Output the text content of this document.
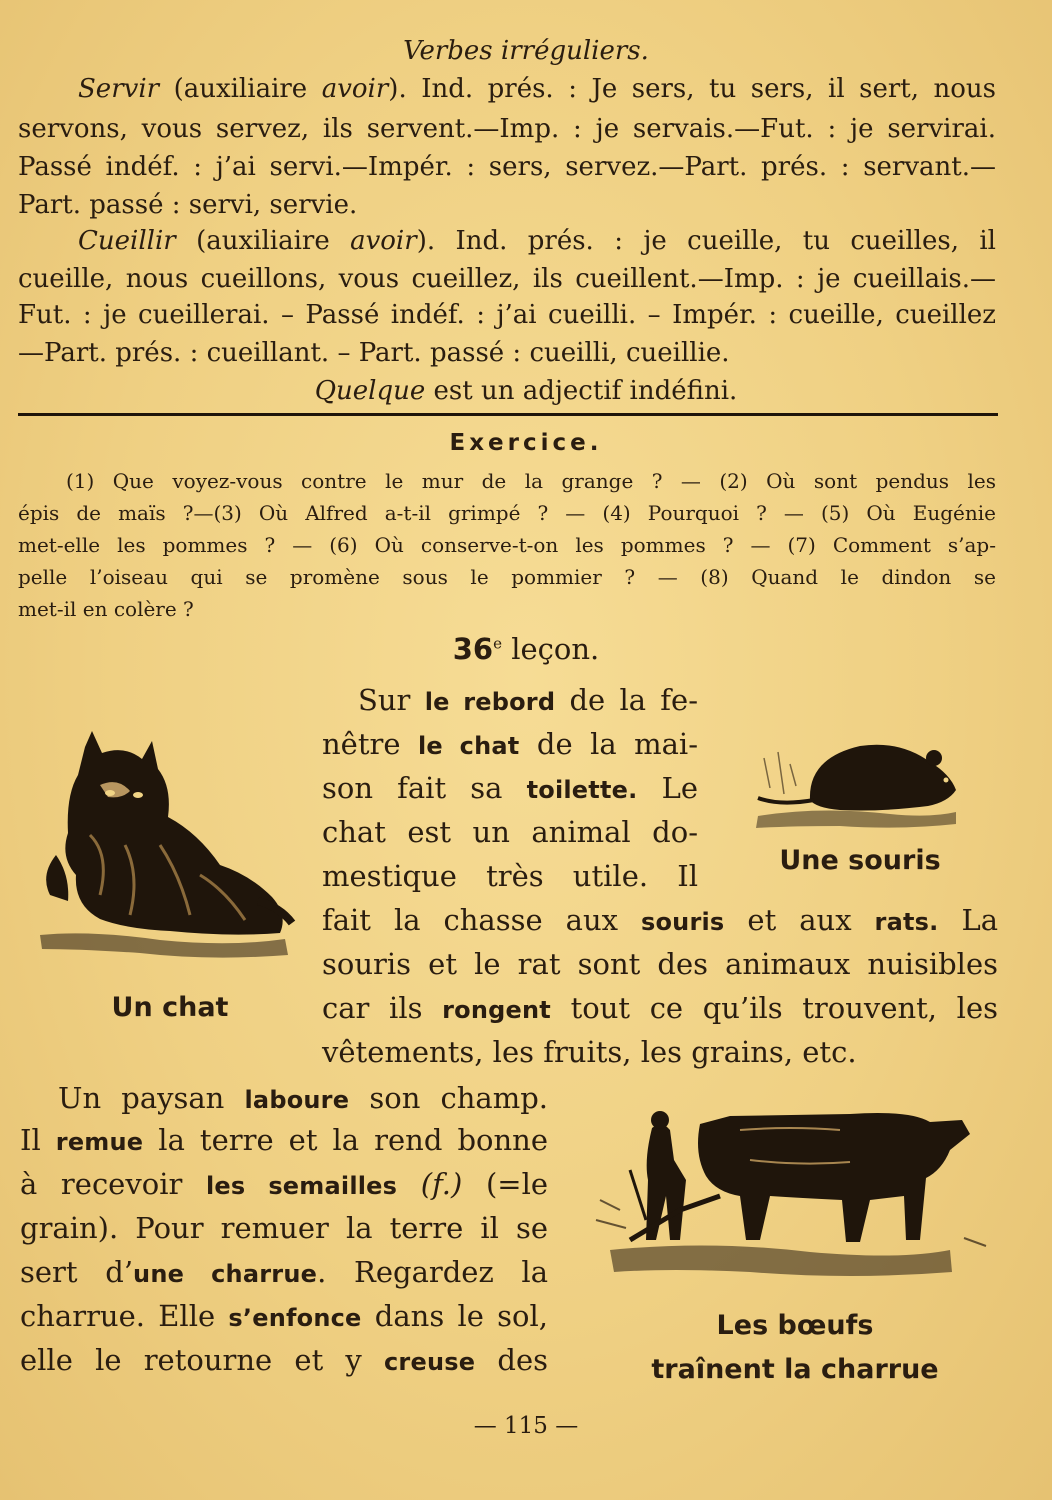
Verbes irréguliers.
Servir (auxiliaire avoir). Ind. prés. : Je sers, tu sers, il sert, nous
servons, vous servez, ils servent.—Imp. : je servais.—Fut. : je servirai.
Passé indéf. : j’ai servi.—Impér. : sers, servez.—Part. prés. : servant.—
Part. passé : servi, servie.
Cueillir (auxiliaire avoir). Ind. prés. : je cueille, tu cueilles, il
cueille, nous cueillons, vous cueillez, ils cueillent.—Imp. : je cueillais.—
Fut. : je cueillerai. – Passé indéf. : j’ai cueilli. – Impér. : cueille, cueillez
—Part. prés. : cueillant. – Part. passé : cueilli, cueillie.
Quelque est un adjectif indéfini.
Exercice.
(1) Que voyez-vous contre le mur de la grange ? — (2) Où sont pendus les
épis de maïs ?—(3) Où Alfred a-t-il grimpé ? — (4) Pourquoi ? — (5) Où Eugénie
met-elle les pommes ? — (6) Où conserve-t-on les pommes ? — (7) Comment s’ap-
pelle l’oiseau qui se promène sous le pommier ? — (8) Quand le dindon se
met-il en colère ?
36e leçon.
Sur le rebord de la fe-
nêtre le chat de la mai-
son fait sa toilette. Le
chat est un animal do-
mestique très utile. Il
fait la chasse aux souris et aux rats. La
souris et le rat sont des animaux nuisibles
car ils rongent tout ce qu’ils trouvent, les
vêtements, les fruits, les grains, etc.
Un paysan laboure son champ.
Il remue la terre et la rend bonne
à recevoir les semailles (f.) (=le
grain). Pour remuer la terre il se
sert d’une charrue. Regardez la
charrue. Elle s’enfonce dans le sol,
elle le retourne et y creuse des
Un chat
Une souris
Les bœufs
traînent la charrue
— 115 —
